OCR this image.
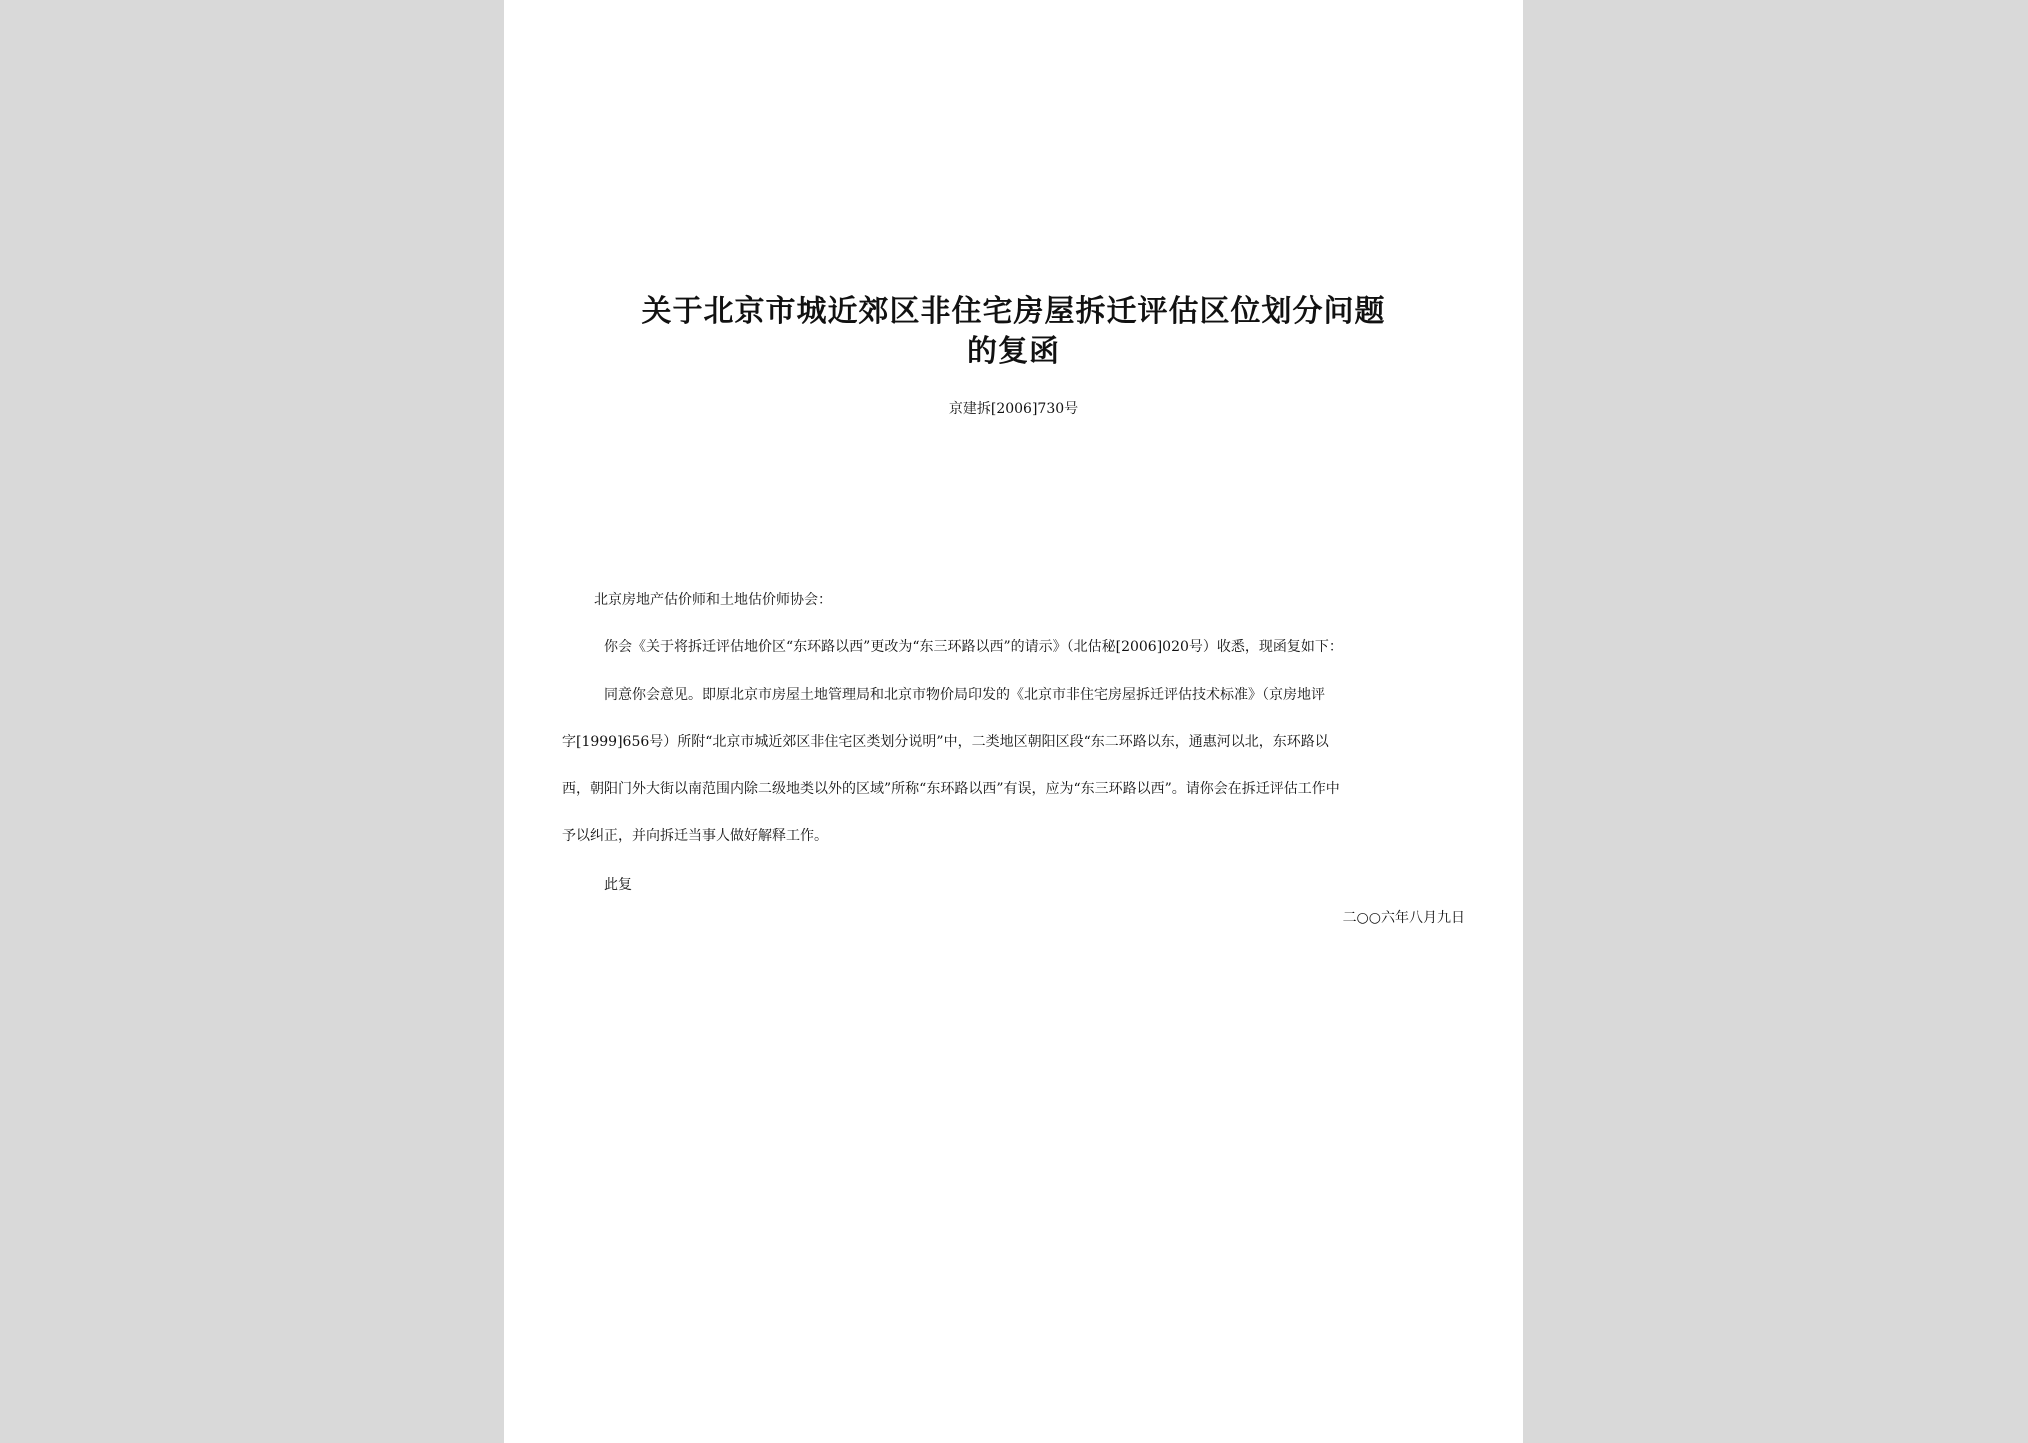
关于北京市城近郊区非住宅房屋拆迁评估区位划分问题
的复函
京建拆[2006]730号
北京房地产估价师和土地估价师协会：
你会《关于将拆迁评估地价区“东环路以西”更改为“东三环路以西”的请示》（北估秘[2006]020号）收悉，现函复如下：
同意你会意见。即原北京市房屋土地管理局和北京市物价局印发的《北京市非住宅房屋拆迁评估技术标准》（京房地评
字[1999]656号）所附“北京市城近郊区非住宅区类划分说明”中，二类地区朝阳区段“东二环路以东，通惠河以北，东环路以
西，朝阳门外大街以南范围内除二级地类以外的区域”所称“东环路以西”有误，应为“东三环路以西”。请你会在拆迁评估工作中
予以纠正，并向拆迁当事人做好解释工作。
此复
二○○六年八月九日
